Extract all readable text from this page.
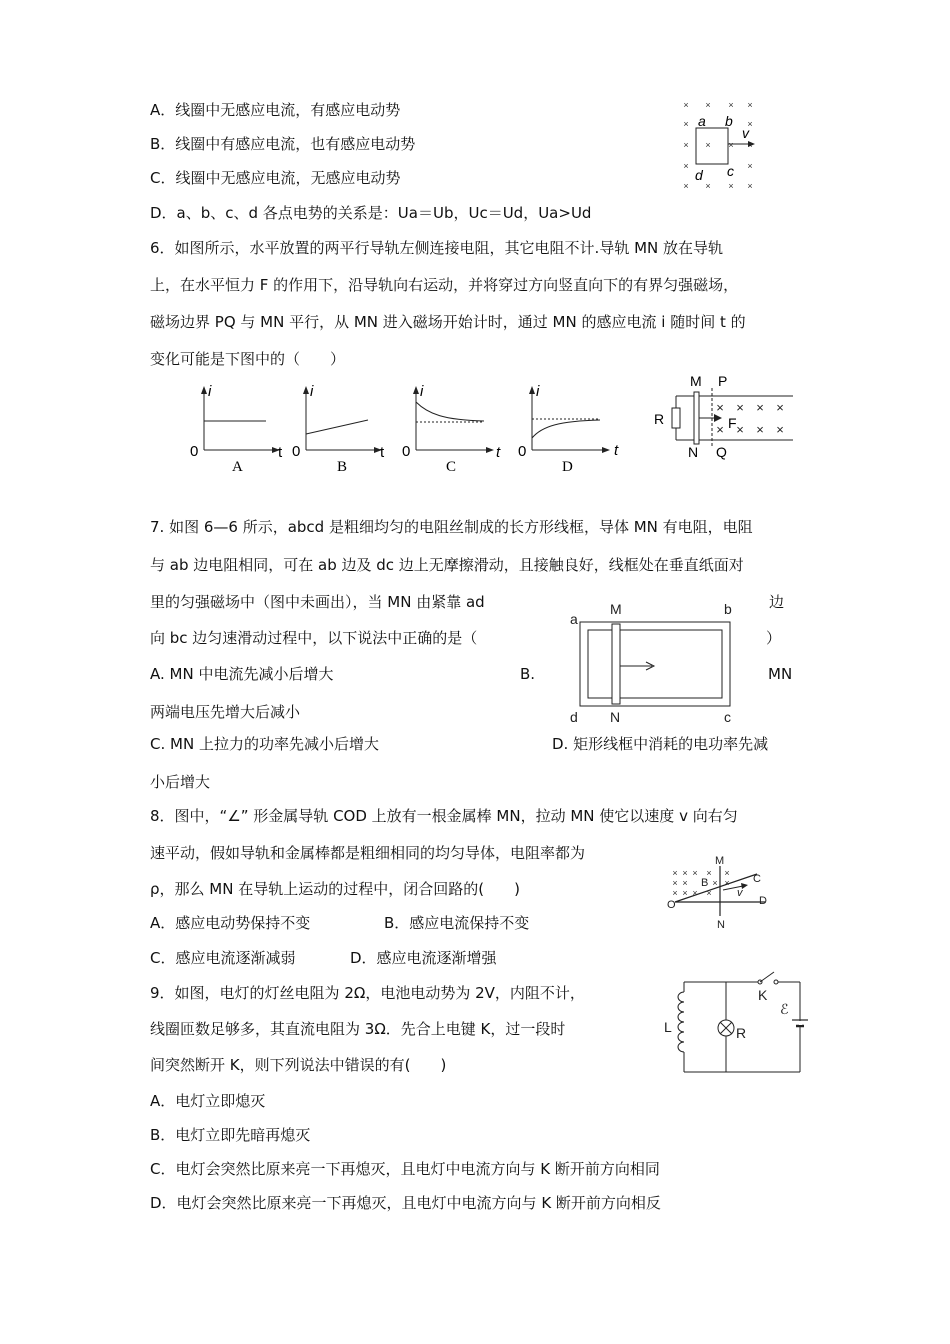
A．线圈中无感应电流，有感应电动势
B．线圈中有感应电流，也有感应电动势
C．线圈中无感应电流，无感应电动势
D．a、b、c、d 各点电势的关系是：Ua＝Ub，Uc＝Ud，Ua>Ud
× × × ×
×	×
× × ×
×	×
× × × ×
a b
v
d c
6．如图所示，水平放置的两平行导轨左侧连接电阻，其它电阻不计.导轨 MN 放在导轨
上，在水平恒力 F 的作用下，沿导轨向右运动，并将穿过方向竖直向下的有界匀强磁场，
磁场边界 PQ 与 MN 平行，从 MN 进入磁场开始计时，通过 MN 的感应电流 i 随时间 t 的
变化可能是下图中的（　　）
i
0	t
A
i
0	t
B
i
0	t
C
i
0	t
D
× × ×
× × × ×
×
M P
R	F
N Q
7. 如图 6—6 所示，abcd 是粗细均匀的电阻丝制成的长方形线框，导体 MN 有电阻，电阻
与 ab 边电阻相同，可在 ab 边及 dc 边上无摩擦滑动，且接触良好，线框处在垂直纸面对
里的匀强磁场中（图中未画出），当 MN 由紧靠 ad	边
向 bc 边匀速滑动过程中，以下说法中正确的是（	）
A. MN 中电流先减小后增大	B.	MN
两端电压先增大后减小
C. MN 上拉力的功率先减小后增大	D. 矩形线框中消耗的电功率先减
小后增大
a
M	b
d N	c
8．图中，“∠” 形金属导轨 COD 上放有一根金属棒 MN，拉动 MN 使它以速度 v 向右匀
速平动，假如导轨和金属棒都是粗细相同的均匀导体，电阻率都为
ρ，那么 MN 在导轨上运动的过程中，闭合回路的(　　)
A．感应电动势保持不变	B．感应电流保持不变
C．感应电流逐渐减弱	D．感应电流逐渐增强
× × × × ×
× ×	× ×
× × × ×
M
N
O
C
D
B
v
9．如图，电灯的灯丝电阻为 2Ω，电池电动势为 2V，内阻不计，
线圈匝数足够多，其直流电阻为 3Ω．先合上电键 K，过一段时
间突然断开 K，则下列说法中错误的有(　　)
A．电灯立即熄灭
B．电灯立即先暗再熄灭
C．电灯会突然比原来亮一下再熄灭，且电灯中电流方向与 K 断开前方向相同
D．电灯会突然比原来亮一下再熄灭，且电灯中电流方向与 K 断开前方向相反
L	R
K
ℰ
